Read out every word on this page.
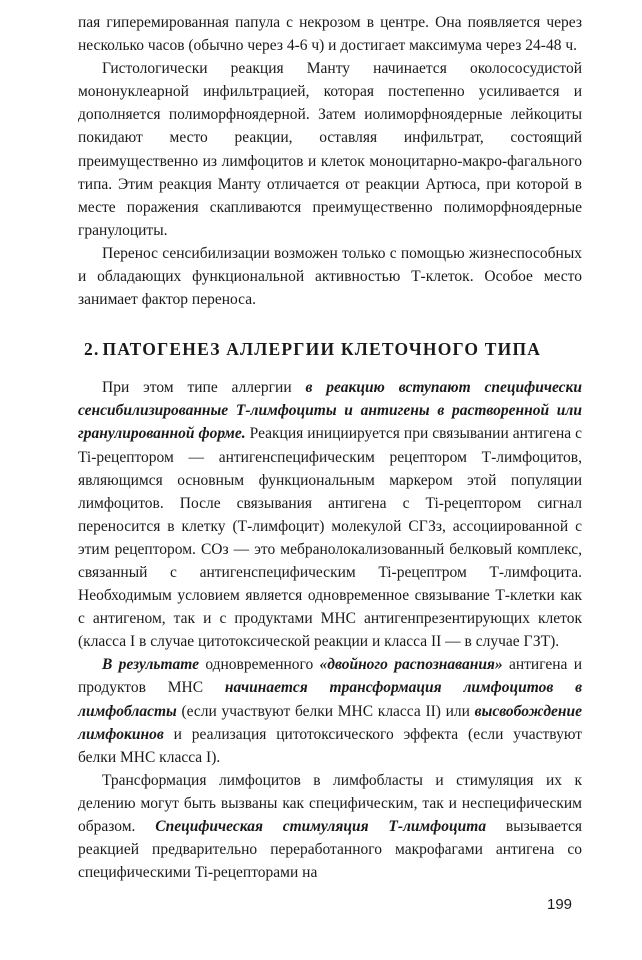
пая гиперемированная папула с некрозом в центре. Она появляется через несколько часов (обычно через 4-6 ч) и достигает максимума через 24-48 ч.

Гистологически реакция Манту начинается околососудистой мононуклеарной инфильтрацией, которая постепенно усиливается и дополняется полиморфноядерной. Затем иолиморфноядерные лейкоциты покидают место реакции, оставляя инфильтрат, состоящий преимущественно из лимфоцитов и клеток моноцитарно-макро-фагального типа. Этим реакция Манту отличается от реакции Артюса, при которой в месте поражения скапливаются преимущественно полиморфноядерные гранулоциты.

Перенос сенсибилизации возможен только с помощью жизнеспособных и обладающих функциональной активностью Т-клеток. Особое место занимает фактор переноса.

2. ПАТОГЕНЕЗ АЛЛЕРГИИ КЛЕТОЧНОГО ТИПА

При этом типе аллергии в реакцию вступают специфически сенсибилизированные Т-лимфоциты и антигены в растворенной или гранулированной форме. Реакция инициируется при связывании антигена с Ti-рецептором — антигенспецифическим рецептором Т-лимфоцитов, являющимся основным функциональным маркером этой популяции лимфоцитов. После связывания антигена с Ti-рецептором сигнал переносится в клетку (Т-лимфоцит) молекулой СГЗз, ассоциированной с этим рецептором. СОз — это мебранолокализованный белковый комплекс, связанный с антигенспецифическим Ti-рецептром Т-лимфоцита. Необходимым условием является одновременное связывание Т-клетки как с антигеном, так и с продуктами МНС антигенпрезентирующих клеток (класса I в случае цитотоксической реакции и класса II — в случае ГЗТ).

В результате одновременного «двойного распознавания» антигена и продуктов МНС начинается трансформация лимфоцитов в лимфобласты (если участвуют белки МНС класса II) или высвобождение лимфокинов и реализация цитотоксического эффекта (если участвуют белки МНС класса I).

Трансформация лимфоцитов в лимфобласты и стимуляция их к делению могут быть вызваны как специфическим, так и неспецифическим образом. Специфическая стимуляция Т-лимфоцита вызывается реакцией предварительно переработанного макрофагами антигена со специфическими Ti-рецепторами на

199
